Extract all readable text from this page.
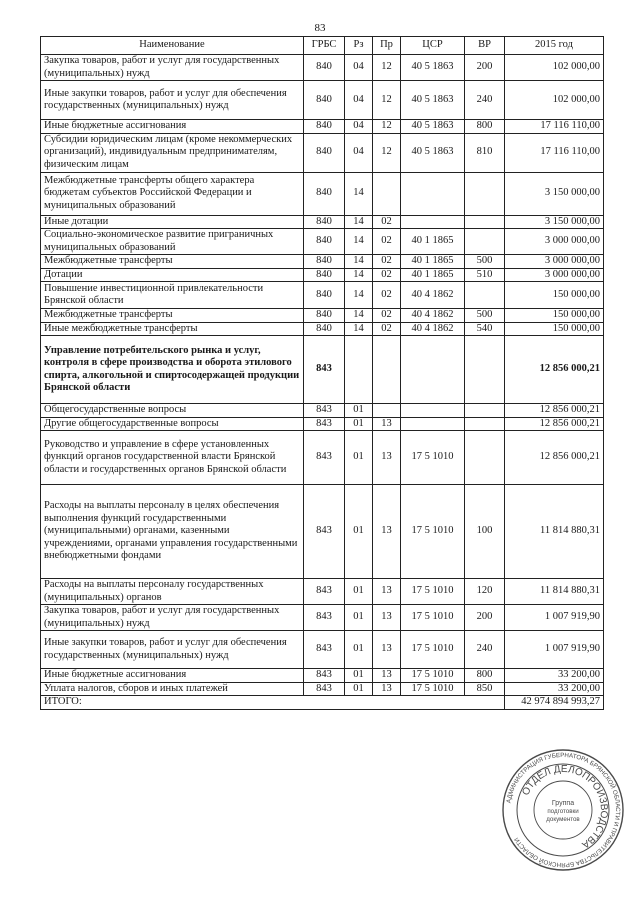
83
Наименование	ГРБС	Рз	Пр	ЦСР	ВР	2015 год
Закупка товаров, работ и услуг для государственных (муниципальных) нужд	840	04	12	40 5 1863	200	102 000,00
Иные закупки товаров, работ и услуг для обеспечения государственных (муниципальных) нужд	840	04	12	40 5 1863	240	102 000,00
Иные бюджетные ассигнования	840	04	12	40 5 1863	800	17 116 110,00
Субсидии юридическим лицам (кроме некоммерческих организаций), индивидуальным предпринимателям, физическим лицам	840	04	12	40 5 1863	810	17 116 110,00
Межбюджетные трансферты общего характера бюджетам субъектов Российской Федерации и муниципальных образований	840	14				3 150 000,00
Иные дотации	840	14	02			3 150 000,00
Социально-экономическое развитие приграничных муниципальных образований	840	14	02	40 1 1865		3 000 000,00
Межбюджетные трансферты	840	14	02	40 1 1865	500	3 000 000,00
Дотации	840	14	02	40 1 1865	510	3 000 000,00
Повышение инвестиционной привлекательности Брянской области	840	14	02	40 4 1862		150 000,00
Межбюджетные трансферты	840	14	02	40 4 1862	500	150 000,00
Иные межбюджетные трансферты	840	14	02	40 4 1862	540	150 000,00
Управление потребительского рынка и услуг, контроля в сфере производства и оборота этилового спирта, алкогольной и спиртосодержащей продукции Брянской области	843					12 856 000,21
Общегосударственные вопросы	843	01				12 856 000,21
Другие общегосударственные вопросы	843	01	13			12 856 000,21
Руководство и управление в сфере установленных функций органов государственной власти Брянской области и государственных органов Брянской области	843	01	13	17 5 1010		12 856 000,21
Расходы на выплаты персоналу в целях обеспечения выполнения функций государственными (муниципальными) органами, казенными учреждениями, органами управления государственными внебюджетными фондами	843	01	13	17 5 1010	100	11 814 880,31
Расходы на выплаты персоналу государственных (муниципальных) органов	843	01	13	17 5 1010	120	11 814 880,31
Закупка товаров, работ и услуг для государственных (муниципальных) нужд	843	01	13	17 5 1010	200	1 007 919,90
Иные закупки товаров, работ и услуг для обеспечения государственных (муниципальных) нужд	843	01	13	17 5 1010	240	1 007 919,90
Иные бюджетные ассигнования	843	01	13	17 5 1010	800	33 200,00
Уплата налогов, сборов и иных платежей	843	01	13	17 5 1010	850	33 200,00
ИТОГО:						42 974 894 993,27
АДМИНИСТРАЦИЯ ГУБЕРНАТОРА БРЯНСКОЙ ОБЛАСТИ И ПРАВИТЕЛЬСТВА БРЯНСКОЙ ОБЛАСТИ
ОТДЕЛ ДЕЛОПРОИЗВОДСТВА
Группа
подготовки
документов
